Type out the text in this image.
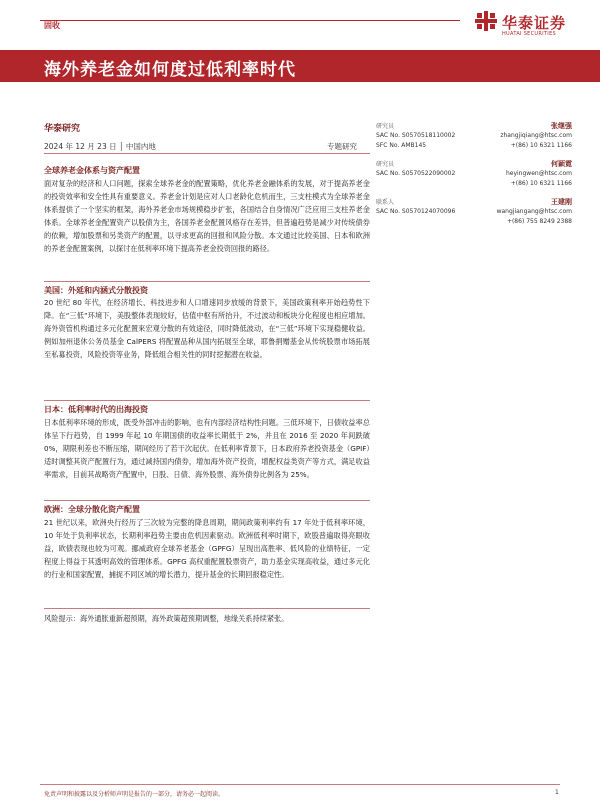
固收	华泰证券
HUATAI SECURITIES
海外养老金如何度过低利率时代
华泰研究
2024 年 12 月 23 日 │ 中国内地	专题研究
全球养老金体系与资产配置
面对复杂的经济和人口问题，探索全球养老金的配置策略，优化养老金融体系的发展，对于提高养老金的投资效率和安全性具有重要意义。养老金计划是应对人口老龄化危机而生，三支柱模式为全球养老金体系提供了一个坚实的框架，海外养老金市场规模稳步扩张，各国结合自身情况广泛应用三支柱养老金体系。全球养老金配置资产以股债为主，各国养老金配置风格存在差异，但普遍趋势是减少对传统债券的依赖，增加股票和另类资产的配置，以寻求更高的回报和风险分散。本文通过比较美国、日本和欧洲的养老金配置案例，以探讨在低利率环境下提高养老金投资回报的路径。
美国：外延和内涵式分散投资
20 世纪 80 年代，在经济增长、科技进步和人口增速同步放缓的背景下，美国政策利率开始趋势性下降。在“三低”环境下，美股整体表现较好，估值中枢有所抬升，不过波动和板块分化程度也相应增加。海外资管机构通过多元化配置來宏观分散的有效途径，同时降低波动，在“三低”环境下实现稳健收益。例如加州退休公务员基金 CalPERS 将配置品种从国内拓展至全球，耶鲁捐赠基金从传统股票市场拓展至私募投资，风险投资等业务，降低组合相关性的同时挖掘潜在收益。
日本：低利率时代的出海投资
日本低利率环境的形成，既受外部冲击的影响，也有内部经济结构性问题。三低环境下，日债收益率总体呈下行趋势，自 1999 年起 10 年期国债的收益率长期低于 2%，并且在 2016 至 2020 年间跌破 0%，期限利差也不断压缩，期间经历了若干次起伏。在低利率背景下，日本政府养老投资基金（GPIF）适时调整其资产配置行为，通过减持国内债券，增加海外资产投资，增配权益类资产等方式，满足收益率需求，目前其战略资产配置中，日股、日债、海外股票、海外债券比例各为 25%。
欧洲：全球分散化资产配置
21 世纪以来，欧洲央行经历了三次较为完整的降息周期，期间政策利率约有 17 年处于低利率环境，10 年处于负利率状态，长期利率趋势主要由危机因素驱动。欧洲低利率时期下，欧股普遍取得亮眼收益，欧债表现也较为可观。挪威政府全球养老基金（GPFG）呈现出高胜率、低风险的业绩特征，一定程度上得益于其透明高效的管理体系。GPFG 高权重配置股票资产，助力基金实现高收益，通过多元化的行业和国家配置，捕捉不同区域的增长潜力，提升基金的长期回报稳定性。
风险提示：海外通胀重新超预期，海外政策超预期调整，地缘关系持续紧张。
研究员	张继强
SAC No. S0570518110002	zhangjiqiang@htsc.com
SFC No. AMB145	+(86) 10 6321 1166
研究员	何颖霓
SAC No. S0570522090002	heyingwen@htsc.com
+(86) 10 6321 1166
联系人	王建刚
SAC No. S0570124070096	wangjiangang@htsc.com
+(86) 755 8249 2388
免责声明和披露以及分析师声明是报告的一部分，请务必一起阅读。	1
